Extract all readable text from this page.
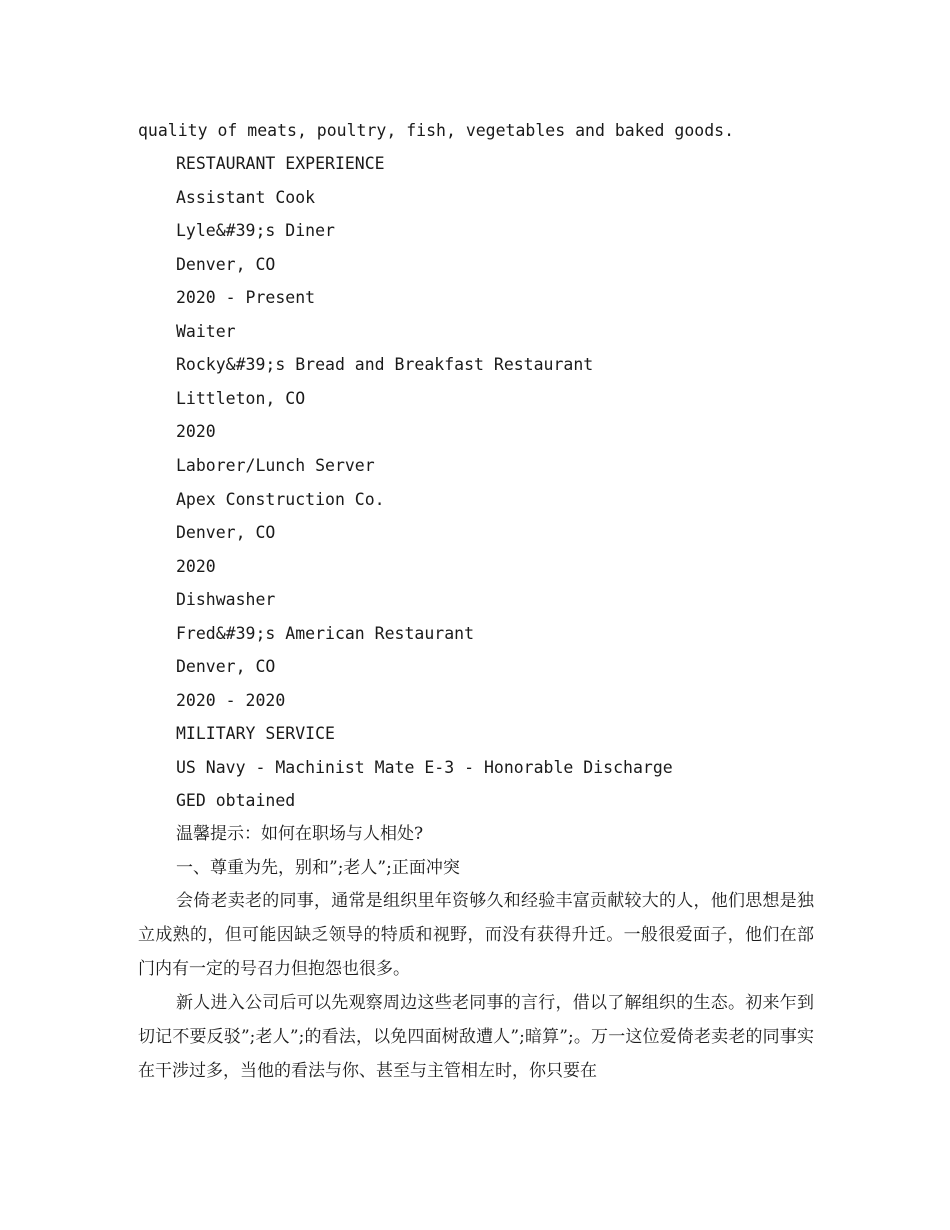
quality of meats, poultry, fish, vegetables and baked goods.
RESTAURANT EXPERIENCE
Assistant Cook
Lyle&#39;s Diner
Denver, CO
2020 - Present
Waiter
Rocky&#39;s Bread and Breakfast Restaurant
Littleton, CO
2020
Laborer/Lunch Server
Apex Construction Co.
Denver, CO
2020
Dishwasher
Fred&#39;s American Restaurant
Denver, CO
2020 - 2020
MILITARY SERVICE
US Navy - Machinist Mate E-3 - Honorable Discharge
GED obtained
温馨提示：如何在职场与人相处?
一、尊重为先，别和”;老人”;正面冲突
会倚老卖老的同事，通常是组织里年资够久和经验丰富贡献较大的人，他们思想是独立成熟的，但可能因缺乏领导的特质和视野，而没有获得升迁。一般很爱面子，他们在部门内有一定的号召力但抱怨也很多。
新人进入公司后可以先观察周边这些老同事的言行，借以了解组织的生态。初来乍到切记不要反驳”;老人”;的看法，以免四面树敌遭人”;暗算”;。万一这位爱倚老卖老的同事实在干涉过多，当他的看法与你、甚至与主管相左时，你只要在
